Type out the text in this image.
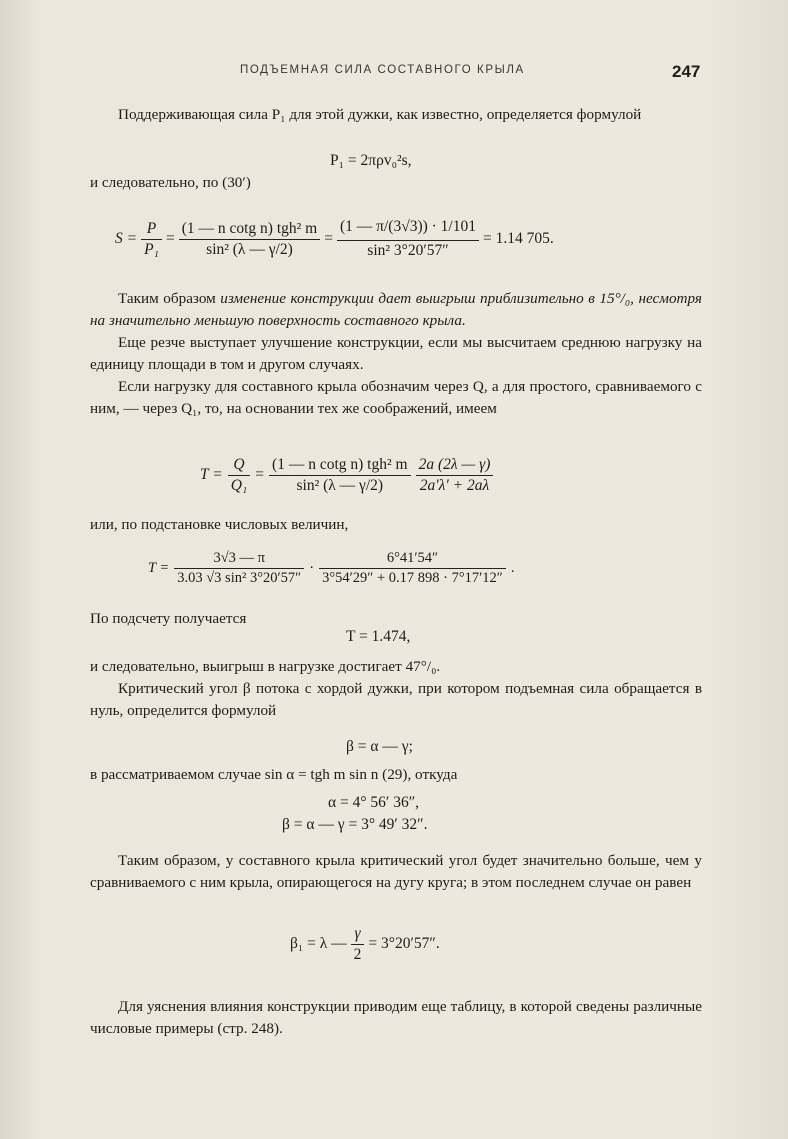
ПОДЪЕМНАЯ СИЛА СОСТАВНОГО КРЫЛА	247
Поддерживающая сила P₁ для этой дужки, как известно, определяется формулой
P₁ = 2πρv₀²s,
и следовательно, по (30′)
$S = \frac{P}{\text{P₁}} = \frac{\text{(1 — n cotg n) tgh² m}}{\text{sin² (λ — γ/2)}} = \frac{(1 — \pi/(3√3)) \cdot 1/101}{\text{sin² 3°20′57″}} = 1.14$ 705.
Таким образом изменение конструкции дает выигрыш приблизительно в 15°/₀, несмотря на значительно меньшую поверхность составного крыла.
Еще резче выступает улучшение конструкции, если мы высчитаем среднюю нагрузку на единицу площади в том и другом случаях.
Если нагрузку для составного крыла обозначим через Q, а для простого, сравниваемого с ним, — через Q₁, то, на основании тех же соображений, имеем
$T = \frac{Q}{\text{Q₁}} = \frac{\text{(1 — n cotg n) tgh² m}}{\text{sin² (λ — γ/2)}} \frac{2a (2\lambda — \gamma)}{2a'\lambda' + 2a\lambda}$
или, по подстановке числовых величин,
$T = \frac{3√3 — \pi}{\text{3.03 √3 sin² 3°20′57″}} \cdot \frac{6^\circ 41'54''}{3^\circ 54'29'' + 0.17 898 \cdot 7^\circ 17'12''}$ .
По подсчету получается
T = 1.474,
и следовательно, выигрыш в нагрузке достигает 47°/₀.
Критический угол β потока с хордой дужки, при котором подъемная сила обращается в нуль, определится формулой
β = α — γ;
в рассматриваемом случае sin α = tgh m sin n (29), откуда
α = 4° 56′ 36″,
β = α — γ = 3° 49′ 32″.
Таким образом, у составного крыла критический угол будет значительно больше, чем у сравниваемого с ним крыла, опирающегося на дугу круга; в этом последнем случае он равен
β₁ = λ — $\frac{\gamma}{2} = 3^\circ 20'57''$.
Для уяснения влияния конструкции приводим еще таблицу, в которой сведены различные числовые примеры (стр. 248).
